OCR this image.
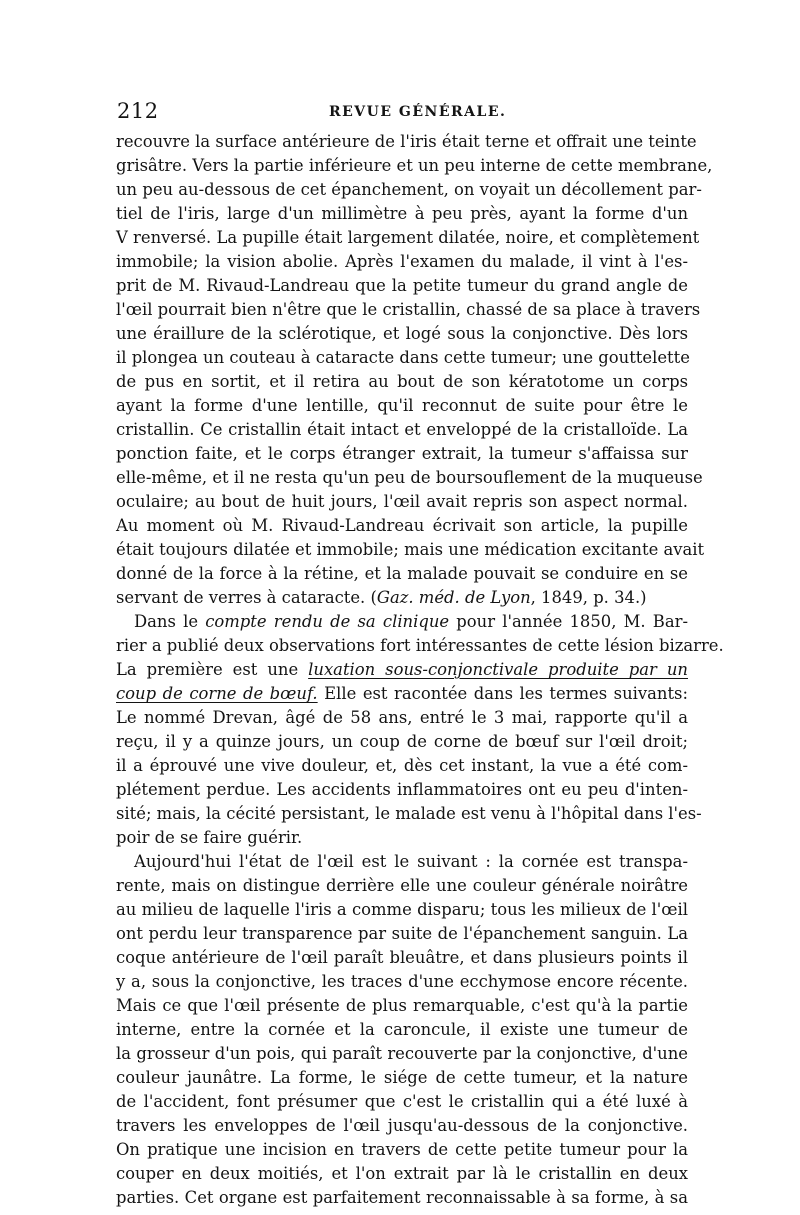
212	REVUE GÉNÉRALE.
recouvre la surface antérieure de l'iris était terne et offrait une teinte
grisâtre. Vers la partie inférieure et un peu interne de cette membrane,
un peu au-dessous de cet épanchement, on voyait un décollement par-
tiel de l'iris, large d'un millimètre à peu près, ayant la forme d'un
V renversé. La pupille était largement dilatée, noire, et complètement
immobile; la vision abolie. Après l'examen du malade, il vint à l'es-
prit de M. Rivaud-Landreau que la petite tumeur du grand angle de
l'œil pourrait bien n'être que le cristallin, chassé de sa place à travers
une éraillure de la sclérotique, et logé sous la conjonctive. Dès lors
il plongea un couteau à cataracte dans cette tumeur; une gouttelette
de pus en sortit, et il retira au bout de son kératotome un corps
ayant la forme d'une lentille, qu'il reconnut de suite pour être le
cristallin. Ce cristallin était intact et enveloppé de la cristalloïde. La
ponction faite, et le corps étranger extrait, la tumeur s'affaissa sur
elle-même, et il ne resta qu'un peu de boursouflement de la muqueuse
oculaire; au bout de huit jours, l'œil avait repris son aspect normal.
Au moment où M. Rivaud-Landreau écrivait son article, la pupille
était toujours dilatée et immobile; mais une médication excitante avait
donné de la force à la rétine, et la malade pouvait se conduire en se
servant de verres à cataracte. (Gaz. méd. de Lyon, 1849, p. 34.)
Dans le compte rendu de sa clinique pour l'année 1850, M. Bar-
rier a publié deux observations fort intéressantes de cette lésion bizarre.
La première est une luxation sous-conjonctivale produite par un
coup de corne de bœuf. Elle est racontée dans les termes suivants:
Le nommé Drevan, âgé de 58 ans, entré le 3 mai, rapporte qu'il a
reçu, il y a quinze jours, un coup de corne de bœuf sur l'œil droit;
il a éprouvé une vive douleur, et, dès cet instant, la vue a été com-
plétement perdue. Les accidents inflammatoires ont eu peu d'inten-
sité; mais, la cécité persistant, le malade est venu à l'hôpital dans l'es-
poir de se faire guérir.
Aujourd'hui l'état de l'œil est le suivant : la cornée est transpa-
rente, mais on distingue derrière elle une couleur générale noirâtre
au milieu de laquelle l'iris a comme disparu; tous les milieux de l'œil
ont perdu leur transparence par suite de l'épanchement sanguin. La
coque antérieure de l'œil paraît bleuâtre, et dans plusieurs points il
y a, sous la conjonctive, les traces d'une ecchymose encore récente.
Mais ce que l'œil présente de plus remarquable, c'est qu'à la partie
interne, entre la cornée et la caroncule, il existe une tumeur de
la grosseur d'un pois, qui paraît recouverte par la conjonctive, d'une
couleur jaunâtre. La forme, le siége de cette tumeur, et la nature
de l'accident, font présumer que c'est le cristallin qui a été luxé à
travers les enveloppes de l'œil jusqu'au-dessous de la conjonctive.
On pratique une incision en travers de cette petite tumeur pour la
couper en deux moitiés, et l'on extrait par là le cristallin en deux
parties. Cet organe est parfaitement reconnaissable à sa forme, à sa
